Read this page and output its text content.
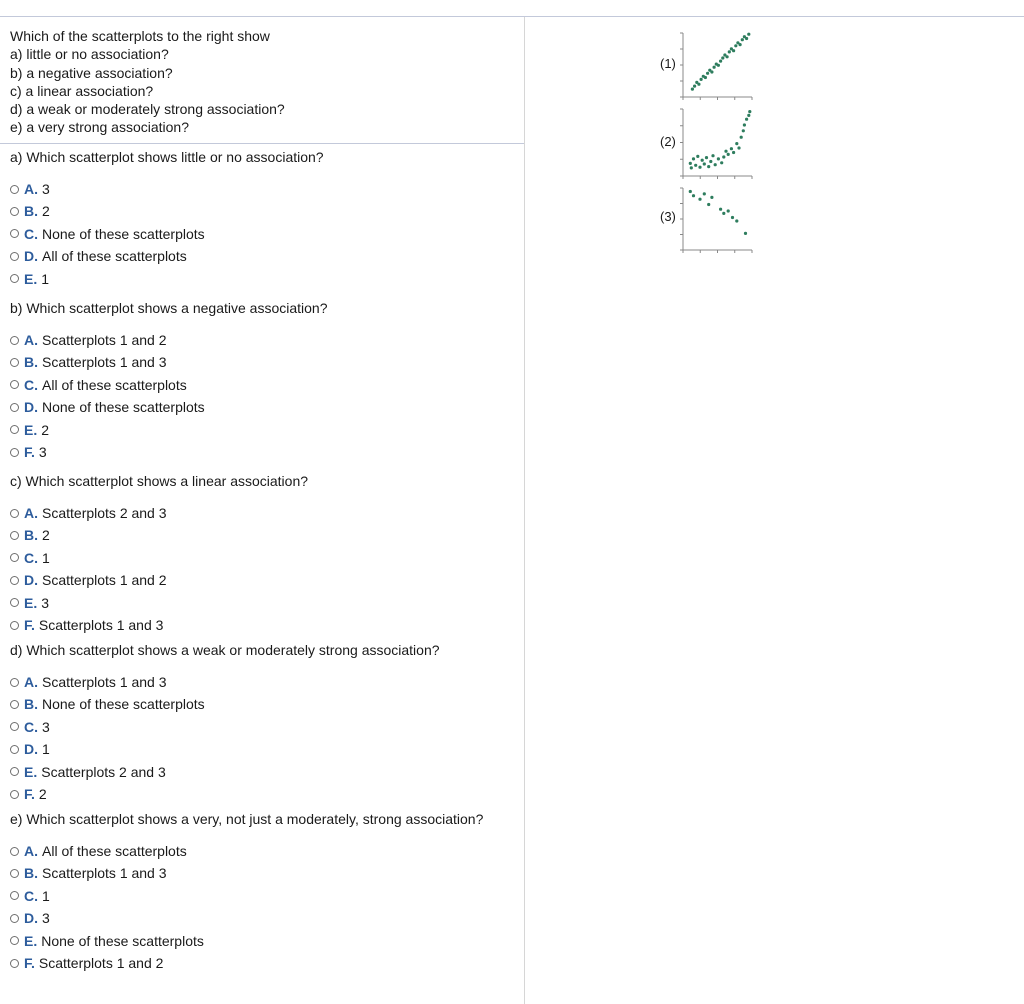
Which of the scatterplots to the right show
a) little or no association?
b) a negative association?
c) a linear association?
d) a weak or moderately strong association?
e) a very strong association?
a) Which scatterplot shows little or no association?
A. 3
B. 2
C. None of these scatterplots
D. All of these scatterplots
E. 1
b) Which scatterplot shows a negative association?
A. Scatterplots 1 and 2
B. Scatterplots 1 and 3
C. All of these scatterplots
D. None of these scatterplots
E. 2
F. 3
c) Which scatterplot shows a linear association?
A. Scatterplots 2 and 3
B. 2
C. 1
D. Scatterplots 1 and 2
E. 3
F. Scatterplots 1 and 3
d) Which scatterplot shows a weak or moderately strong association?
A. Scatterplots 1 and 3
B. None of these scatterplots
C. 3
D. 1
E. Scatterplots 2 and 3
F. 2
e) Which scatterplot shows a very, not just a moderately, strong association?
A. All of these scatterplots
B. Scatterplots 1 and 3
C. 1
D. 3
E. None of these scatterplots
F. Scatterplots 1 and 2
(1)
(2)
(3)
